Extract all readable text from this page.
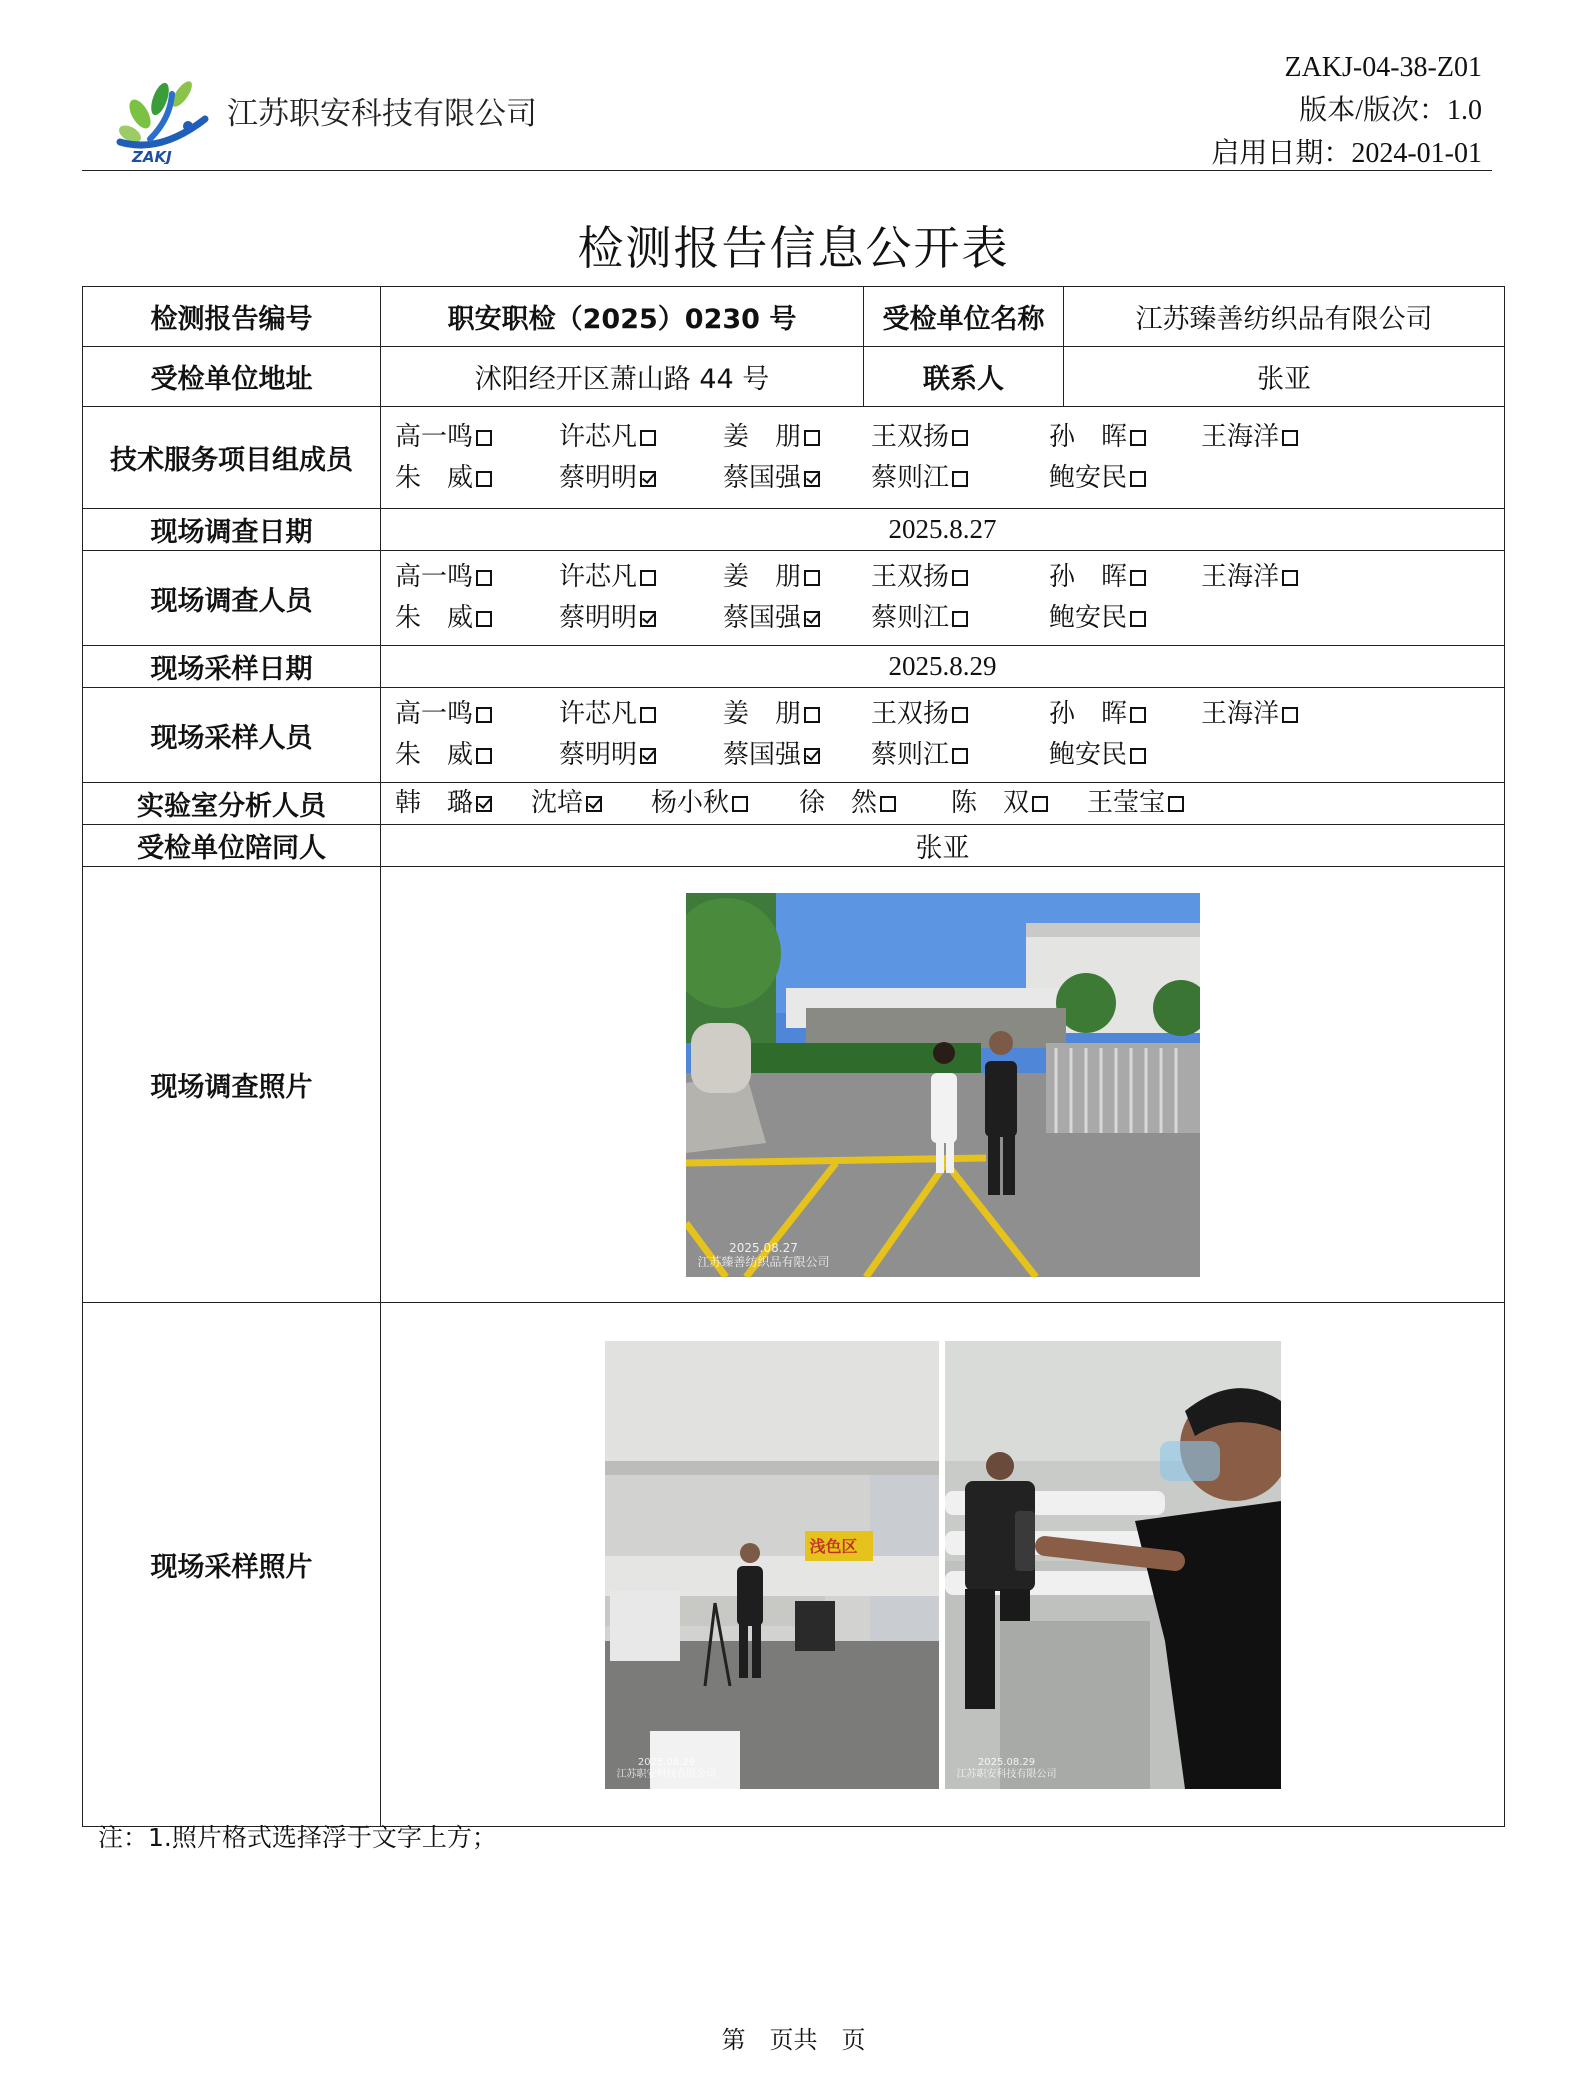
ZAKJ
江苏职安科技有限公司
ZAKJ-04-38-Z01
版本/版次：1.0
启用日期：2024-01-01
检测报告信息公开表
检测报告编号	职安职检（2025）0230 号	受检单位名称	江苏臻善纺织品有限公司
受检单位地址	沭阳经开区萧山路 44 号	联系人	张亚
技术服务项目组成员	高一鸣 许芯凡 姜　朋 王双扬 孙　晖 王海洋
朱　威 蔡明明 蔡国强 蔡则江 鲍安民		

现场调查日期	2025.8.27		
现场调查人员	高一鸣 许芯凡 姜　朋 王双扬 孙　晖 王海洋
朱　威 蔡明明 蔡国强 蔡则江 鲍安民		

现场采样日期	2025.8.29		
现场采样人员	高一鸣 许芯凡 姜　朋 王双扬 孙　晖 王海洋
朱　威 蔡明明 蔡国强 蔡则江 鲍安民		

实验室分析人员	韩　璐 沈培 杨小秋 徐　然 陈　双 王莹宝		

受检单位陪同人	张亚		
现场调查照片	2025.08.27
江苏臻善纺织品有限公司		

现场采样照片	浅色区
2025.08.29
江苏职安科技有限公司
2025.08.29
江苏职安科技有限公司		
注：1.照片格式选择浮于文字上方；
第　页共　页
